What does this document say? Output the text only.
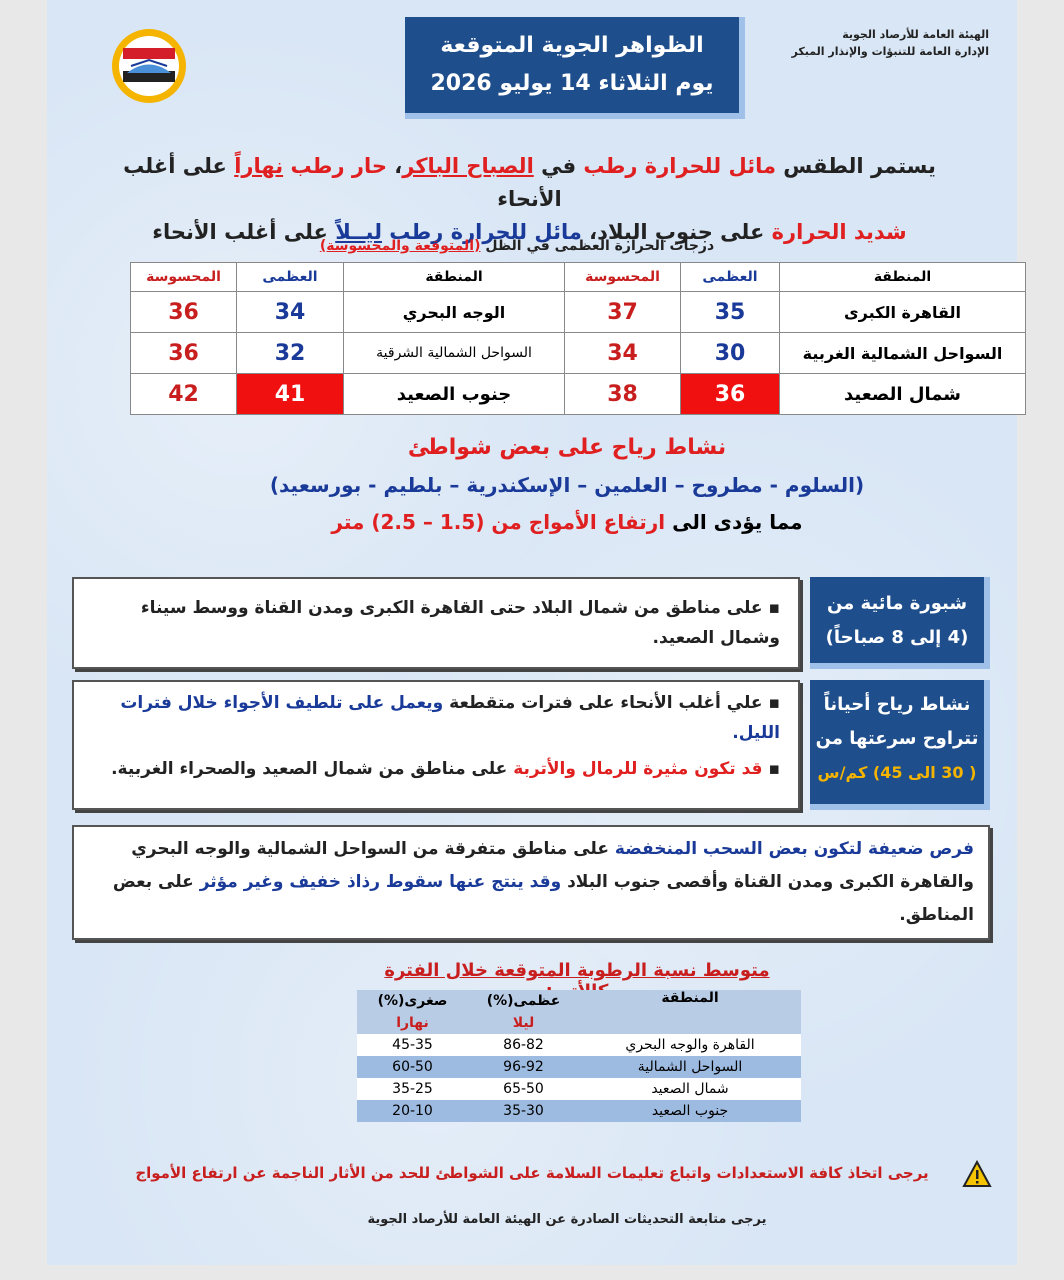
الهيئة العامة للأرصاد الجوية
الإدارة العامة للتنبؤات والإنذار المبكر
الظواهر الجوية المتوقعة
يوم الثلاثاء 14 يوليو 2026
يستمر الطقس مائل للحرارة رطب في الصباح الباكر، حار رطب نهاراً على أغلب الأنحاء
شديد الحرارة على جنوب البلاد، مائل للحرارة رطب ليــلاً على أغلب الأنحاء
درجات الحرارة العظمى في الظل (المتوقعة والمحسوسة)
المنطقة	العظمى	المحسوسة	المنطقة	العظمى	المحسوسة
القاهرة الكبرى	35	37	الوجه البحري	34	36
السواحل الشمالية الغربية	30	34	السواحل الشمالية الشرقية	32	36
شمال الصعيد	36	38	جنوب الصعيد	41	42
نشاط رياح على بعض شواطئ
(السلوم - مطروح – العلمين – الإسكندرية – بلطيم - بورسعيد)
مما يؤدى الى ارتفاع الأمواج من (1.5 – 2.5) متر
▪ على مناطق من شمال البلاد حتى القاهرة الكبرى ومدن القناة ووسط سيناء وشمال الصعيد.
شبورة مائية من
(4 إلى 8 صباحاً)
▪ علي أغلب الأنحاء على فترات متقطعة ويعمل على تلطيف الأجواء خلال فترات الليل.
▪ قد تكون مثيرة للرمال والأتربة على مناطق من شمال الصعيد والصحراء الغربية.
نشاط رياح أحياناً
تتراوح سرعتها من
( 30 الى 45) كم/س
فرص ضعيفة لتكون بعض السحب المنخفضة على مناطق متفرقة من السواحل الشمالية والوجه البحري والقاهرة الكبرى ومدن القناة وأقصى جنوب البلاد وقد ينتج عنها سقوط رذاذ خفيف وغير مؤثر على بعض المناطق.
متوسط نسبة الرطوبة المتوقعة خلال الفترة
المنطقة	عظمى(%)	صغرى(%)
	ليلا	نهارا
القاهرة والوجه البحري	86-82	45-35
السواحل الشمالية	96-92	60-50
شمال الصعيد	65-50	35-25
جنوب الصعيد	35-30	20-10
يرجى اتخاذ كافة الاستعدادات واتباع تعليمات السلامة على الشواطئ للحد من الأثار الناجمة عن ارتفاع الأمواج
يرجى متابعة التحديثات الصادرة عن الهيئة العامة للأرصاد الجوية
